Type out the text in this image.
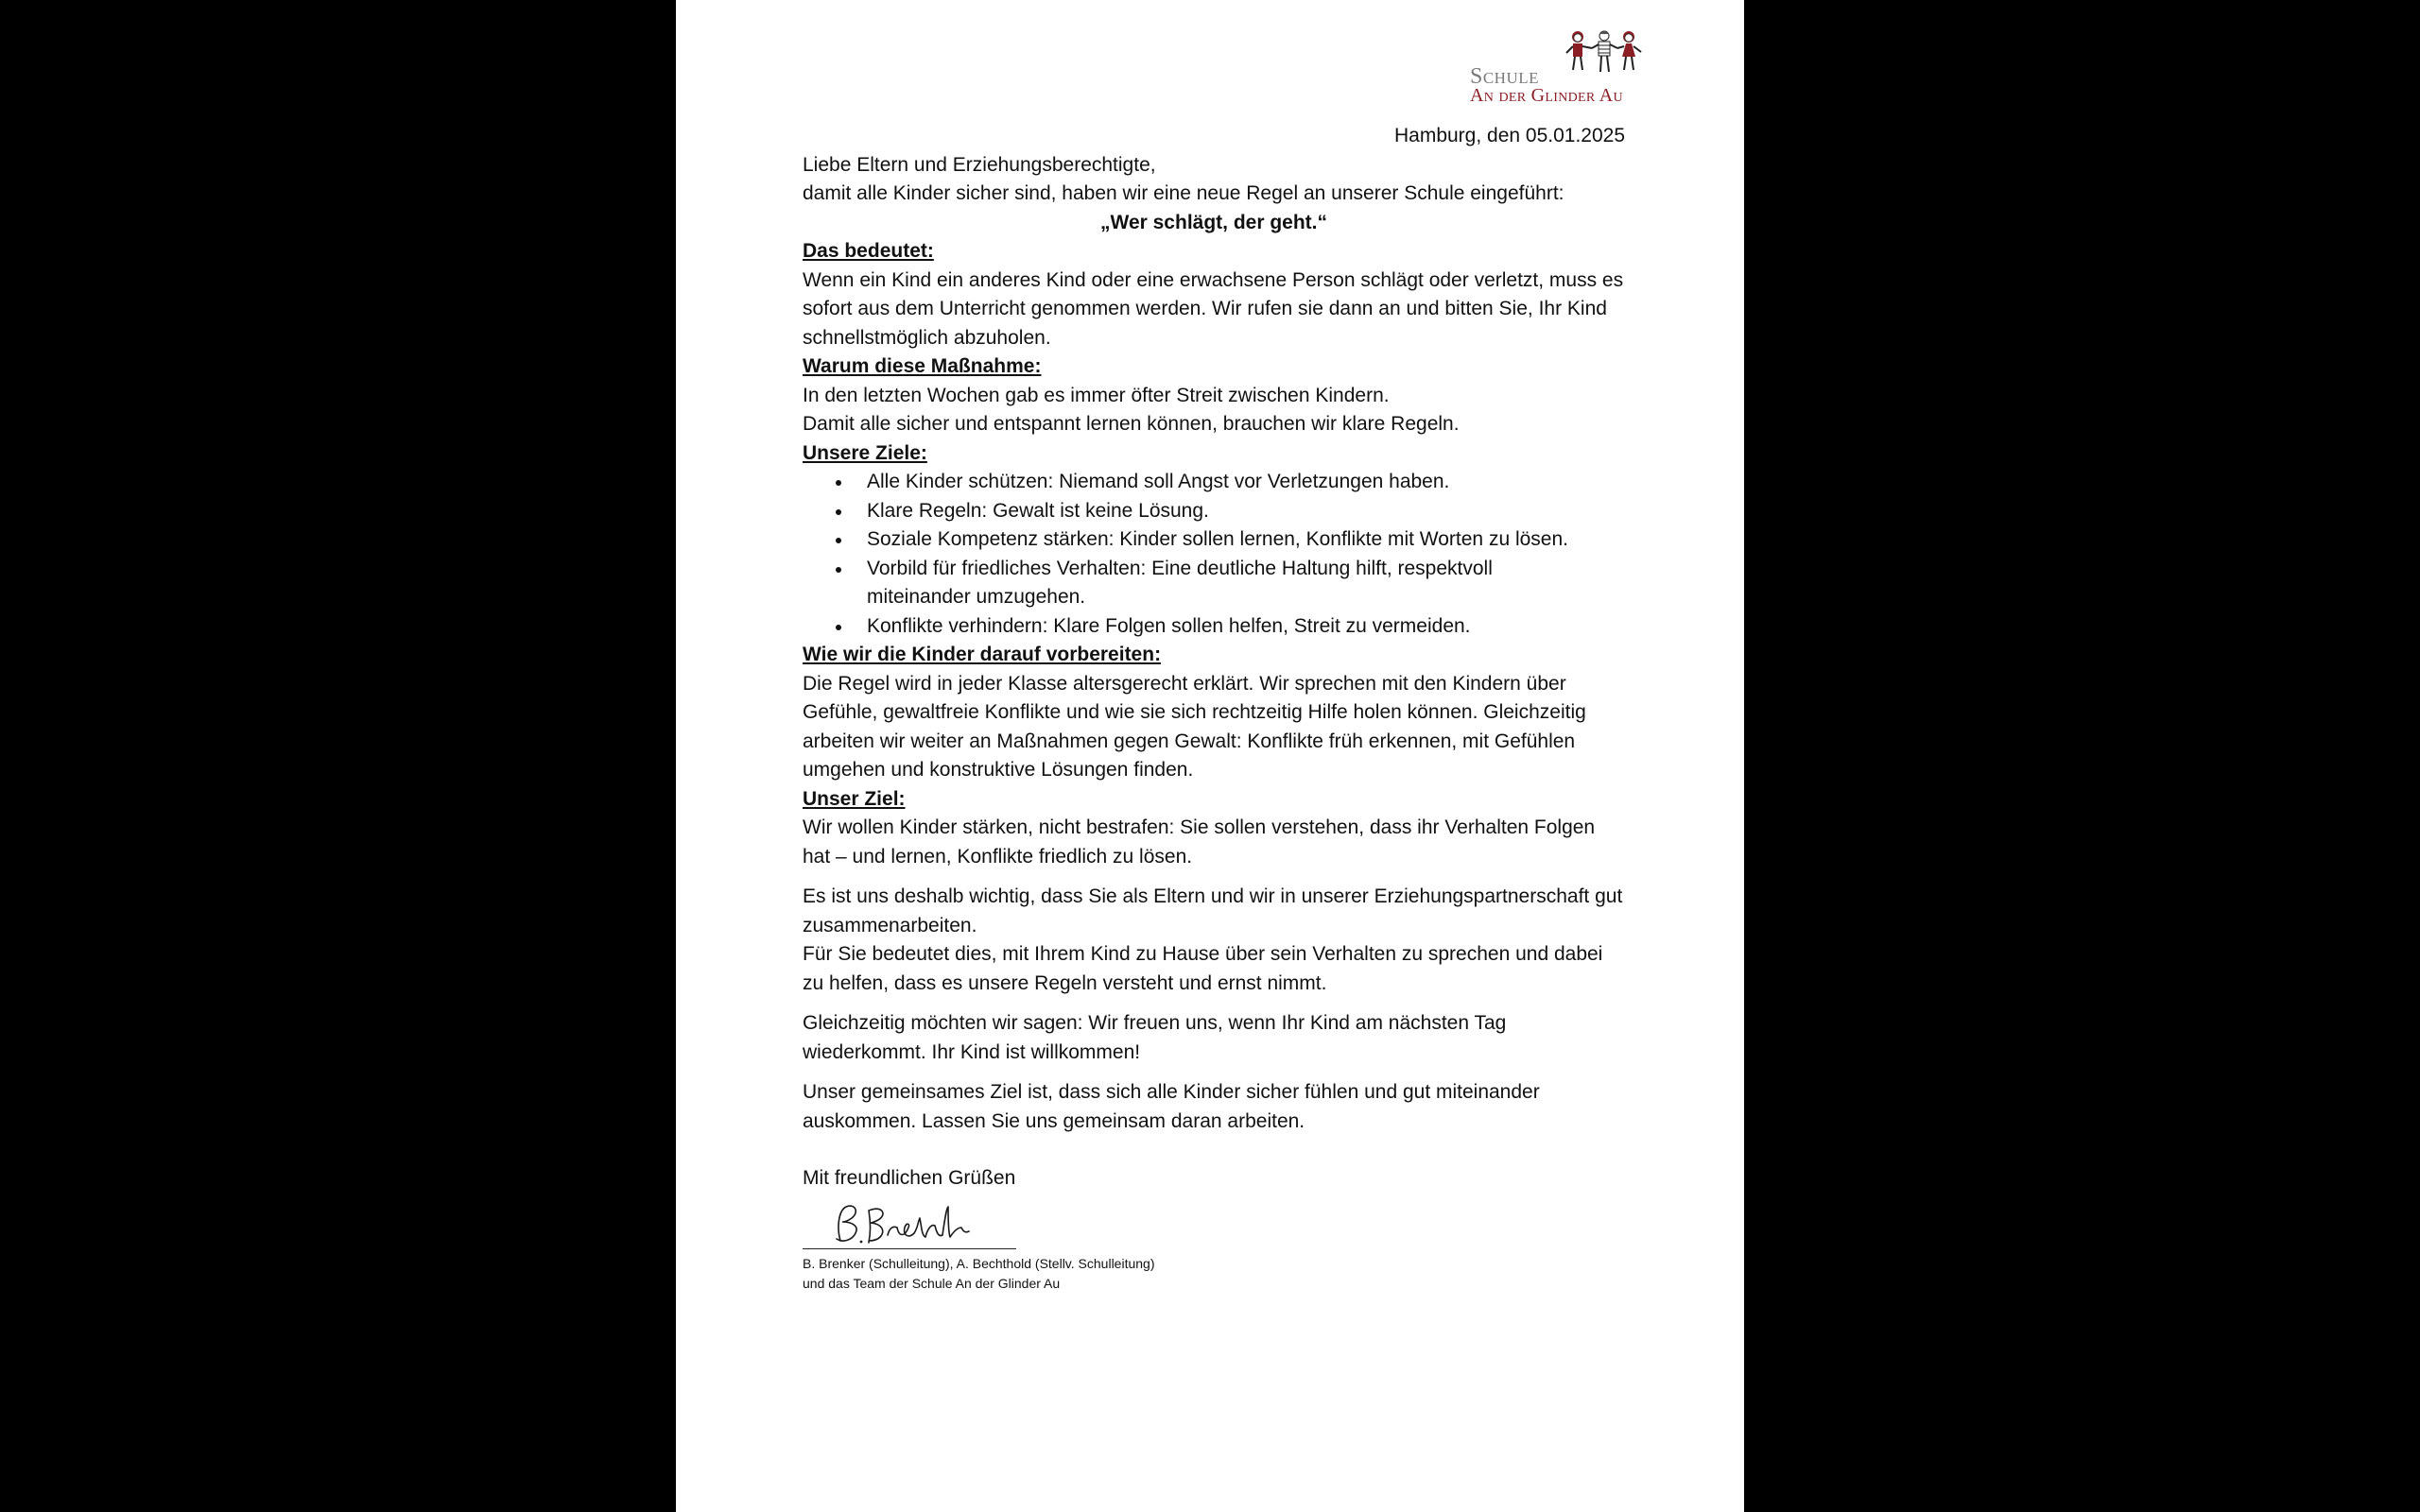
Schule
An der Glinder Au

Hamburg, den 05.01.2025

Liebe Eltern und Erziehungsberechtigte,

damit alle Kinder sicher sind, haben wir eine neue Regel an unserer Schule eingeführt:

„Wer schlägt, der geht.“

Das bedeutet:

Wenn ein Kind ein anderes Kind oder eine erwachsene Person schlägt oder verletzt, muss es sofort aus dem Unterricht genommen werden. Wir rufen sie dann an und bitten Sie, Ihr Kind schnellstmöglich abzuholen.

Warum diese Maßnahme:

In den letzten Wochen gab es immer öfter Streit zwischen Kindern.

Damit alle sicher und entspannt lernen können, brauchen wir klare Regeln.

Unsere Ziele:

Alle Kinder schützen: Niemand soll Angst vor Verletzungen haben.
Klare Regeln: Gewalt ist keine Lösung.
Soziale Kompetenz stärken: Kinder sollen lernen, Konflikte mit Worten zu lösen.
Vorbild für friedliches Verhalten: Eine deutliche Haltung hilft, respektvoll miteinander umzugehen.
Konflikte verhindern: Klare Folgen sollen helfen, Streit zu vermeiden.

Wie wir die Kinder darauf vorbereiten:

Die Regel wird in jeder Klasse altersgerecht erklärt. Wir sprechen mit den Kindern über Gefühle, gewaltfreie Konflikte und wie sie sich rechtzeitig Hilfe holen können. Gleichzeitig arbeiten wir weiter an Maßnahmen gegen Gewalt: Konflikte früh erkennen, mit Gefühlen umgehen und konstruktive Lösungen finden.

Unser Ziel:

Wir wollen Kinder stärken, nicht bestrafen: Sie sollen verstehen, dass ihr Verhalten Folgen hat – und lernen, Konflikte friedlich zu lösen.

Es ist uns deshalb wichtig, dass Sie als Eltern und wir in unserer Erziehungspartnerschaft gut zusammenarbeiten.

Für Sie bedeutet dies, mit Ihrem Kind zu Hause über sein Verhalten zu sprechen und dabei zu helfen, dass es unsere Regeln versteht und ernst nimmt.

Gleichzeitig möchten wir sagen: Wir freuen uns, wenn Ihr Kind am nächsten Tag wiederkommt. Ihr Kind ist willkommen!

Unser gemeinsames Ziel ist, dass sich alle Kinder sicher fühlen und gut miteinander auskommen. Lassen Sie uns gemeinsam daran arbeiten.

Mit freundlichen Grüßen

B. Brenker (Schulleitung), A. Bechthold (Stellv. Schulleitung)

und das Team der Schule An der Glinder Au
